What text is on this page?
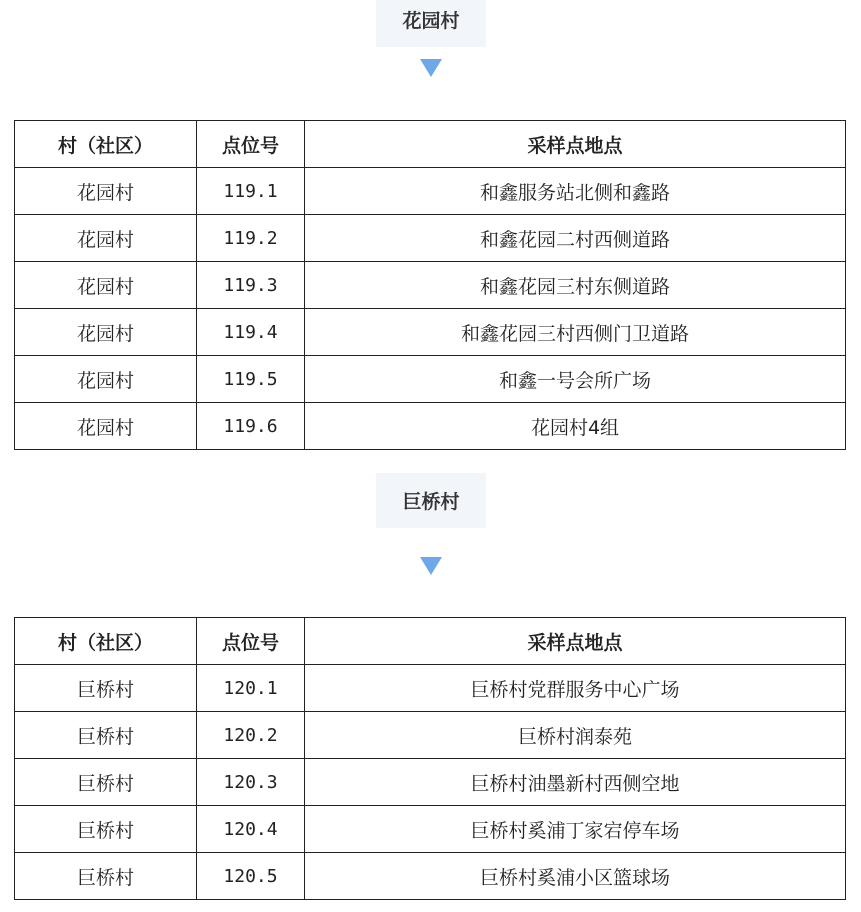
花园村
村（社区）	点位号	采样点地点
花园村	119.1	和鑫服务站北侧和鑫路
花园村	119.2	和鑫花园二村西侧道路
花园村	119.3	和鑫花园三村东侧道路
花园村	119.4	和鑫花园三村西侧门卫道路
花园村	119.5	和鑫一号会所广场
花园村	119.6	花园村4组
巨桥村
村（社区）	点位号	采样点地点
巨桥村	120.1	巨桥村党群服务中心广场
巨桥村	120.2	巨桥村润泰苑
巨桥村	120.3	巨桥村油墨新村西侧空地
巨桥村	120.4	巨桥村奚浦丁家宕停车场
巨桥村	120.5	巨桥村奚浦小区篮球场
